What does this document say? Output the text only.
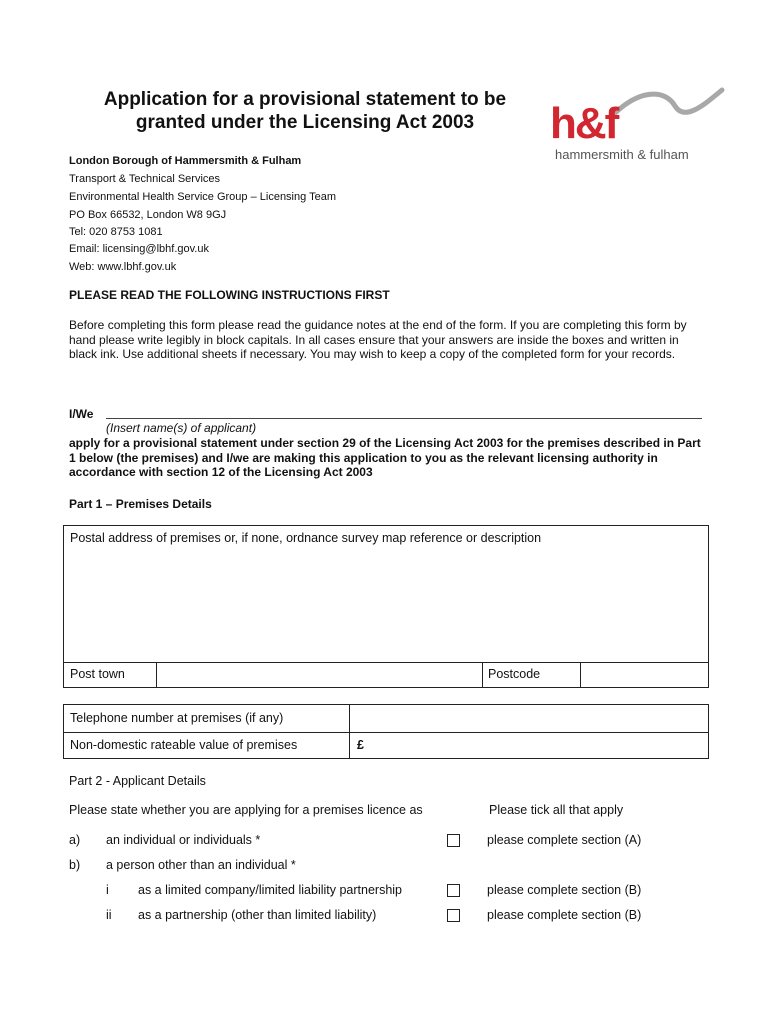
Application for a provisional statement to be
granted under the Licensing Act 2003	h&f
hammersmith & fulham
London Borough of Hammersmith & Fulham
Transport & Technical Services
Environmental Health Service Group – Licensing Team
PO Box 66532, London W8 9GJ
Tel: 020 8753 1081
Email: licensing@lbhf.gov.uk
Web: www.lbhf.gov.uk
PLEASE READ THE FOLLOWING INSTRUCTIONS FIRST
Before completing this form please read the guidance notes at the end of the form. If you are completing this form by hand please write legibly in block capitals. In all cases ensure that your answers are inside the boxes and written in black ink. Use additional sheets if necessary. You may wish to keep a copy of the completed form for your records.
I/We
(Insert name(s) of applicant)
apply for a provisional statement under section 29 of the Licensing Act 2003 for the premises described in Part 1 below (the premises) and I/we are making this application to you as the relevant licensing authority in accordance with section 12 of the Licensing Act 2003
Part 1 – Premises Details
Postal address of premises or, if none, ordnance survey map reference or description
Post town	Postcode
Telephone number at premises (if any)
Non-domestic rateable value of premises	£
Part 2 - Applicant Details
Please state whether you are applying for a premises licence as	Please tick all that apply
a) an individual or individuals *	please complete section (A)
b) a person other than an individual *
i as a limited company/limited liability partnership	please complete section (B)
ii as a partnership (other than limited liability)	please complete section (B)
